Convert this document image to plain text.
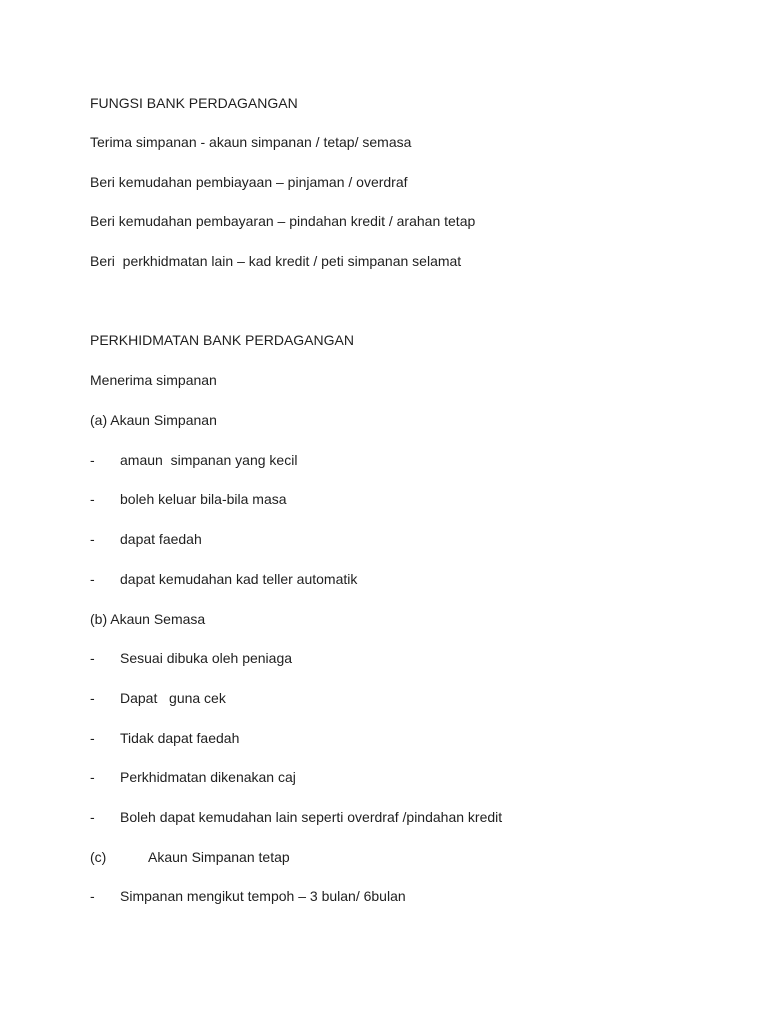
FUNGSI BANK PERDAGANGAN
Terima simpanan - akaun simpanan / tetap/ semasa
Beri kemudahan pembiayaan – pinjaman / overdraf
Beri kemudahan pembayaran – pindahan kredit / arahan tetap
Beri  perkhidmatan lain – kad kredit / peti simpanan selamat
PERKHIDMATAN BANK PERDAGANGAN
Menerima simpanan
(a) Akaun Simpanan
-	amaun  simpanan yang kecil
-	boleh keluar bila-bila masa
-	dapat faedah
-	dapat kemudahan kad teller automatik
(b) Akaun Semasa
-	Sesuai dibuka oleh peniaga
-	Dapat   guna cek
-	Tidak dapat faedah
-	Perkhidmatan dikenakan caj
-	Boleh dapat kemudahan lain seperti overdraf /pindahan kredit
(c)	Akaun Simpanan tetap
-	Simpanan mengikut tempoh – 3 bulan/ 6bulan
